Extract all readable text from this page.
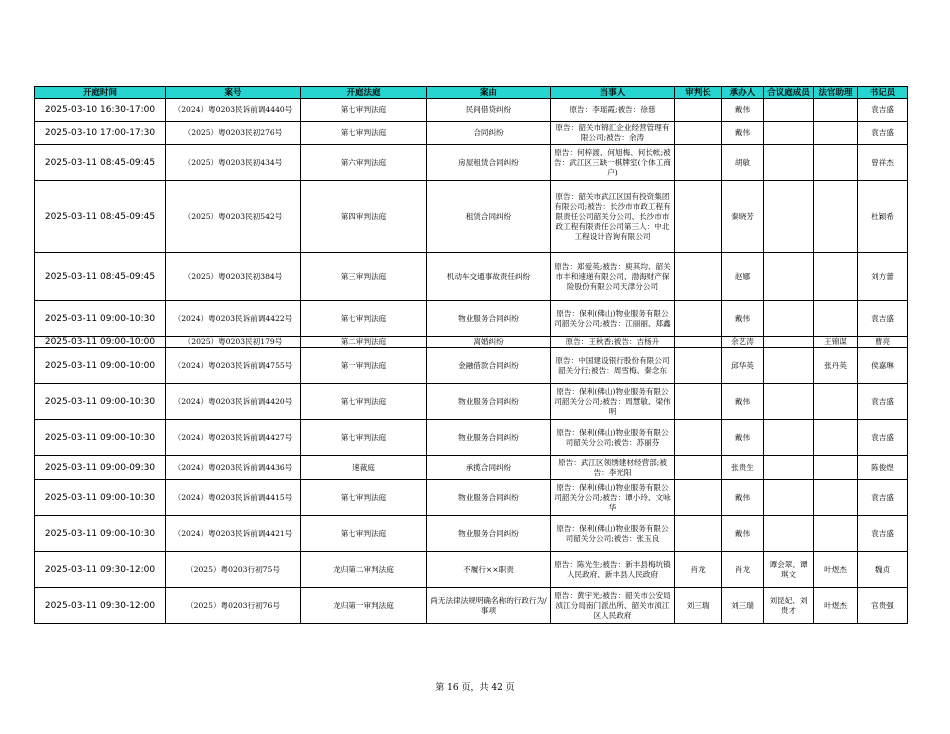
开庭时间	案号	开庭法庭	案由	当事人	审判长	承办人	合议庭成员	法官助理	书记员
2025-03-10 16:30-17:00	（2024）粤0203民诉前调4440号	第七审判法庭	民间借贷纠纷	原告：李瑶霞;被告：徐慈		戴伟			袁吉盛
2025-03-10 17:00-17:30	（2025）粤0203民初276号	第七审判法庭	合同纠纷	原告：韶关市锦汇企业经营管理有限公司;被告：余涛		戴伟			袁吉盛
2025-03-11 08:45-09:45	（2025）粤0203民初434号	第六审判法庭	房屋租赁合同纠纷	原告：何梓渡、何旭梅、何长帐;被告：武江区三缺一棋牌室(个体工商户)		胡敏			曾祥杰
2025-03-11 08:45-09:45	（2025）粤0203民初542号	第四审判法庭	租赁合同纠纷	原告：韶关市武江区国有投资集团有限公司;被告：长沙市市政工程有限责任公司韶关分公司、长沙市市政工程有限责任公司第三人：中北工程设计咨询有限公司		秦晓芳			杜颖希
2025-03-11 08:45-09:45	（2025）粤0203民初384号	第三审判法庭	机动车交通事故责任纠纷	原告：郑爱英;被告：庾其均、韶关市丰和速递有限公司、渤海财产保险股份有限公司天津分公司		赵娜			刘方蕾
2025-03-11 09:00-10:30	（2024）粤0203民诉前调4422号	第七审判法庭	物业服务合同纠纷	原告：保利(佛山)物业服务有限公司韶关分公司;被告：江丽丽、郑鑫		戴伟			袁吉盛
2025-03-11 09:00-10:00	（2025）粤0203民初179号	第二审判法庭	离婚纠纷	原告：王秋香;被告：吉杨升		余艺涛		王锦谋	曹亮
2025-03-11 09:00-10:00	（2024）粤0203民诉前调4755号	第一审判法庭	金融借款合同纠纷	原告：中国建设银行股份有限公司韶关分行;被告：周雪梅、秦念东		邱华英		张丹英	侯嘉琳
2025-03-11 09:00-10:30	（2024）粤0203民诉前调4420号	第七审判法庭	物业服务合同纠纷	原告：保利(佛山)物业服务有限公司韶关分公司;被告：周慧敏、梁伟明		戴伟			袁吉盛
2025-03-11 09:00-10:30	（2024）粤0203民诉前调4427号	第七审判法庭	物业服务合同纠纷	原告：保利(佛山)物业服务有限公司韶关分公司;被告：苏丽芬		戴伟			袁吉盛
2025-03-11 09:00-09:30	（2024）粤0203民诉前调4436号	速裁庭	承揽合同纠纷	原告：武江区领绣建材经营部;被告：李光阳		张贵生			陈俊煜
2025-03-11 09:00-10:30	（2024）粤0203民诉前调4415号	第七审判法庭	物业服务合同纠纷	原告：保利(佛山)物业服务有限公司韶关分公司;被告：谭小玲、文咏华		戴伟			袁吉盛
2025-03-11 09:00-10:30	（2024）粤0203民诉前调4421号	第七审判法庭	物业服务合同纠纷	原告：保利(佛山)物业服务有限公司韶关分公司;被告：张玉良		戴伟			袁吉盛
2025-03-11 09:30-12:00	（2025）粤0203行初75号	龙归第二审判法庭	不履行××职责	原告：陈光生;被告：新丰县梅坑镇人民政府、新丰县人民政府	肖龙	肖龙	谭会翠、谭琪文	叶煜杰	魏贞
2025-03-11 09:30-12:00	（2025）粤0203行初76号	龙归第一审判法庭	尚无法律法规明确名称的行政行为/事项	原告：黄宇光;被告：韶关市公安局浈江分局南门派出所、韶关市浈江区人民政府	刘三瑞	刘三瑞	刘昆妃、刘贵才	叶煜杰	官贵强
第 16 页，共 42 页
